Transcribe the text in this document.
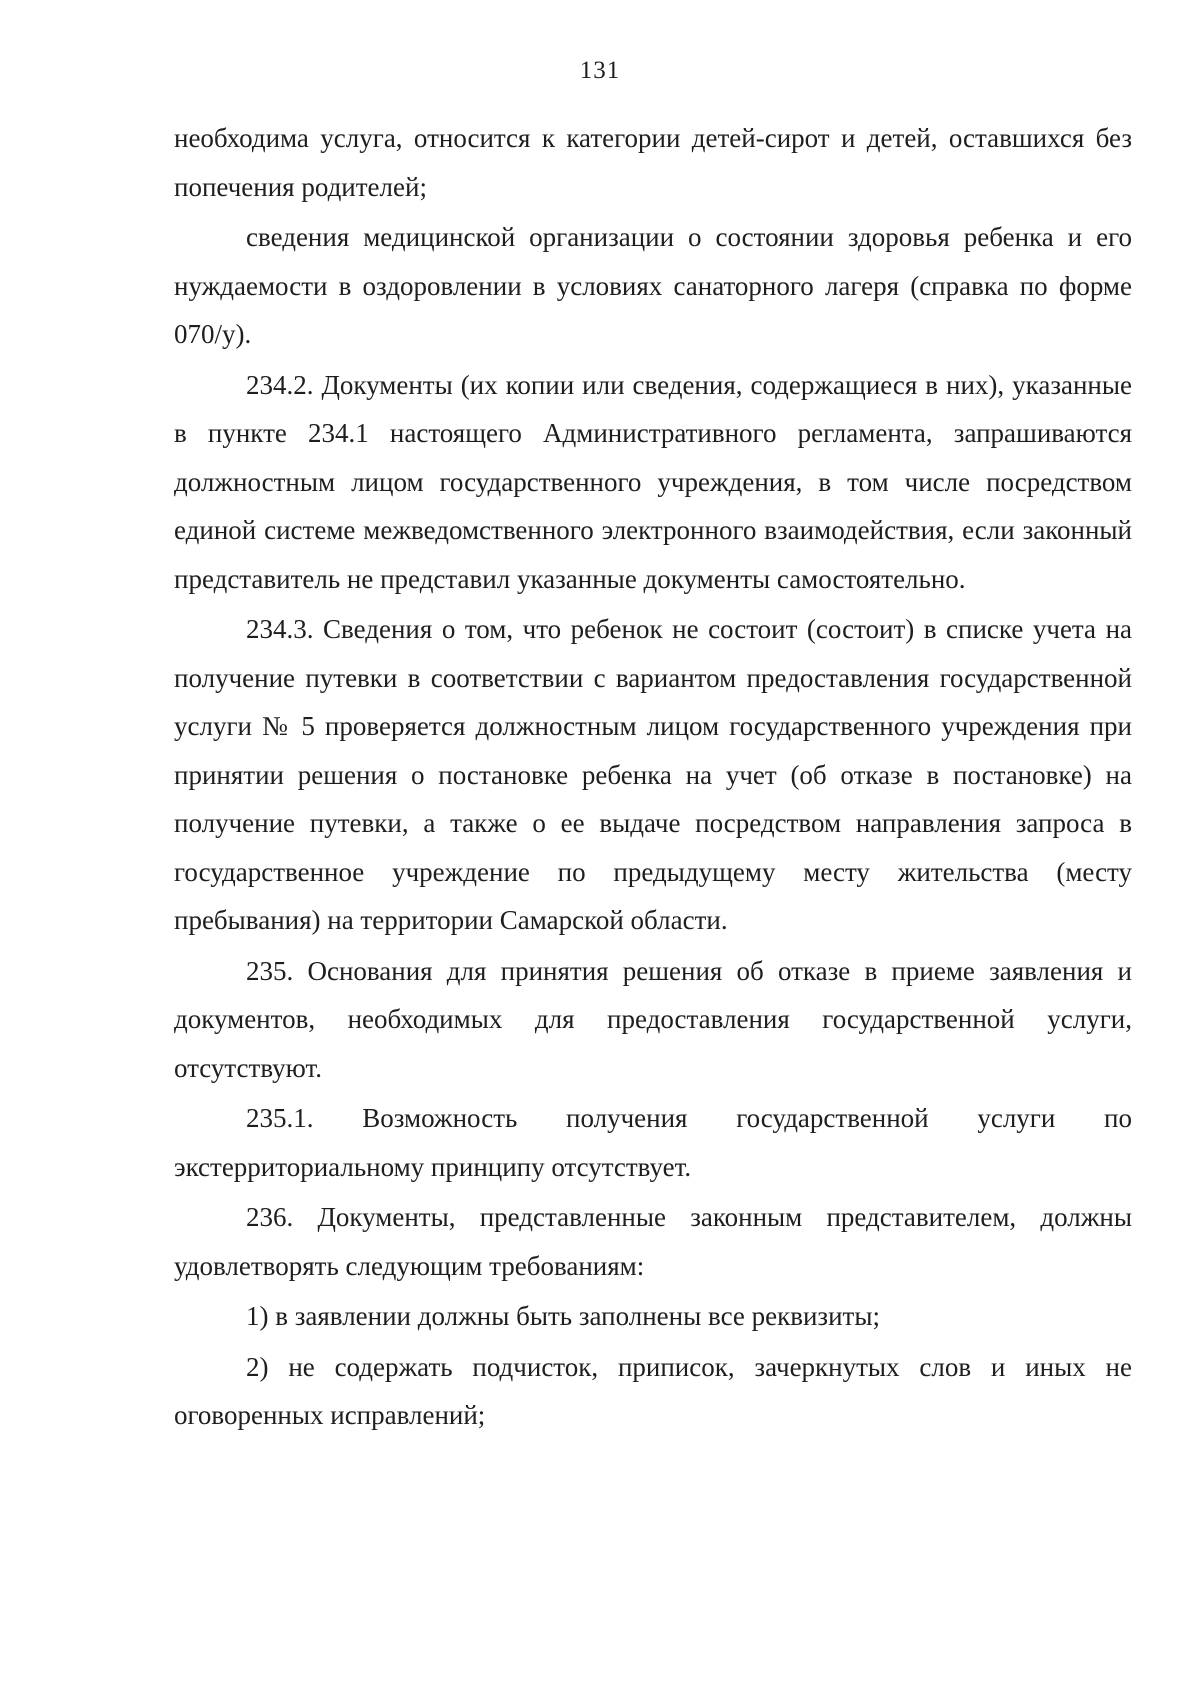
131

необходима услуга, относится к категории детей-сирот и детей, оставшихся без попечения родителей;

сведения медицинской организации о состоянии здоровья ребенка и его нуждаемости в оздоровлении в условиях санаторного лагеря (справка по форме 070/у).

234.2. Документы (их копии или сведения, содержащиеся в них), указанные в пункте 234.1 настоящего Административного регламента, запрашиваются должностным лицом государственного учреждения, в том числе посредством единой системе межведомственного электронного взаимодействия, если законный представитель не представил указанные документы самостоятельно.

234.3. Сведения о том, что ребенок не состоит (состоит) в списке учета на получение путевки в соответствии с вариантом предоставления государственной услуги № 5 проверяется должностным лицом государственного учреждения при принятии решения о постановке ребенка на учет (об отказе в постановке) на получение путевки, а также о ее выдаче посредством направления запроса в государственное учреждение по предыдущему месту жительства (месту пребывания) на территории Самарской области.

235. Основания для принятия решения об отказе в приеме заявления и документов, необходимых для предоставления государственной услуги, отсутствуют.

235.1. Возможность получения государственной услуги по экстерриториальному принципу отсутствует.

236. Документы, представленные законным представителем, должны удовлетворять следующим требованиям:

1) в заявлении должны быть заполнены все реквизиты;

2) не содержать подчисток, приписок, зачеркнутых слов и иных не оговоренных исправлений;
